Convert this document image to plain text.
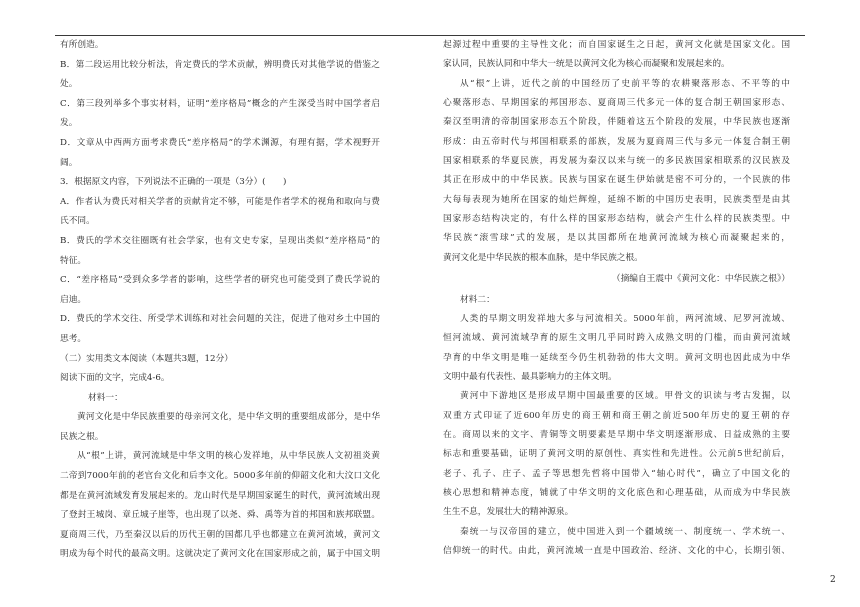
有所创造。
B．第二段运用比较分析法，肯定费氏的学术贡献，辨明费氏对其他学说的借鉴之
处。
C．第三段列举多个事实材料，证明“差序格局”概念的产生深受当时中国学者启
发。
D．文章从中西两方面考求费氏“差序格局”的学术渊源，有理有据，学术视野开
阔。
3．根据原文内容，下列说法不正确的一项是（3分）(　　)
A．作者认为费氏对相关学者的贡献肯定不够，可能是作者学术的视角和取向与费
氏不同。
B．费氏的学术交往圈既有社会学家，也有文史专家，呈现出类似“差序格局”的
特征。
C．“差序格局”受到众多学者的影响，这些学者的研究也可能受到了费氏学说的
启迪。
D．费氏的学术交往、所受学术训练和对社会问题的关注，促进了他对乡土中国的
思考。
（二）实用类文本阅读（本题共3题，12分）
阅读下面的文字，完成4-6。
材料一：
黄河文化是中华民族重要的母亲河文化，是中华文明的重要组成部分，是中华
民族之根。
从“根”上讲，黄河流域是中华文明的核心发祥地，从中华民族人文初祖炎黄
二帝到7000年前的老官台文化和后李文化。5000多年前的仰韶文化和大汶口文化
都是在黄河流域发育发展起来的。龙山时代是早期国家诞生的时代，黄河流域出现
了登封王城岗、章丘城子崖等，也出现了以尧、舜、禹等为首的邦国和族邦联盟。
夏商周三代，乃至秦汉以后的历代王朝的国都几乎也都建立在黄河流域，黄河文
明成为每个时代的最高文明。这就决定了黄河文化在国家形成之前，属于中国文明
起源过程中重要的主导性文化；而自国家诞生之日起，黄河文化就是国家文化。国
家认同，民族认同和中华大一统是以黄河文化为核心而凝聚和发展起来的。
从“根”上讲，近代之前的中国经历了史前平等的农耕聚落形态、不平等的中
心聚落形态、早期国家的邦国形态、夏商周三代多元一体的复合制王朝国家形态、
秦汉至明清的帝制国家形态五个阶段，伴随着这五个阶段的发展，中华民族也逐渐
形成：由五帝时代与邦国相联系的部族，发展为夏商周三代与多元一体复合制王朝
国家相联系的华夏民族，再发展为秦汉以来与统一的多民族国家相联系的汉民族及
其正在形成中的中华民族。民族与国家在诞生伊始就是密不可分的，一个民族的伟
大每每表现为她所在国家的灿烂辉煌，延绵不断的中国历史表明，民族类型是由其
国家形态结构决定的，有什么样的国家形态结构，就会产生什么样的民族类型。中
华民族“滚雪球”式的发展，是以其国都所在地黄河流域为核心而凝聚起来的，
黄河文化是中华民族的根本血脉，是中华民族之根。
（摘编自王震中《黄河文化：中华民族之根》）
材料二：
人类的早期文明发祥地大多与河流相关。5000年前，两河流域、尼罗河流域、
恒河流域、黄河流域孕育的原生文明几乎同时跨入成熟文明的门槛，而由黄河流域
孕育的中华文明是唯一延续至今仍生机勃勃的伟大文明。黄河文明也因此成为中华
文明中最有代表性、最具影响力的主体文明。
黄河中下游地区是形成早期中国最重要的区域。甲骨文的识读与考古发掘，以
双重方式印证了近600年历史的商王朝和商王朝之前近500年历史的夏王朝的存
在。商周以来的文字、青铜等文明要素是早期中华文明逐渐形成、日益成熟的主要
标志和重要基础，证明了黄河文明的原创性、真实性和先进性。公元前5世纪前后，
老子、孔子、庄子、孟子等思想先哲将中国带入“轴心时代”，确立了中国文化的
核心思想和精神态度，铺就了中华文明的文化底色和心理基础，从而成为中华民族
生生不息，发展壮大的精神源泉。
秦统一与汉帝国的建立，使中国进入到一个疆域统一、制度统一、学术统一、
信仰统一的时代。由此，黄河流域一直是中国政治、经济、文化的中心，长期引领、
2
